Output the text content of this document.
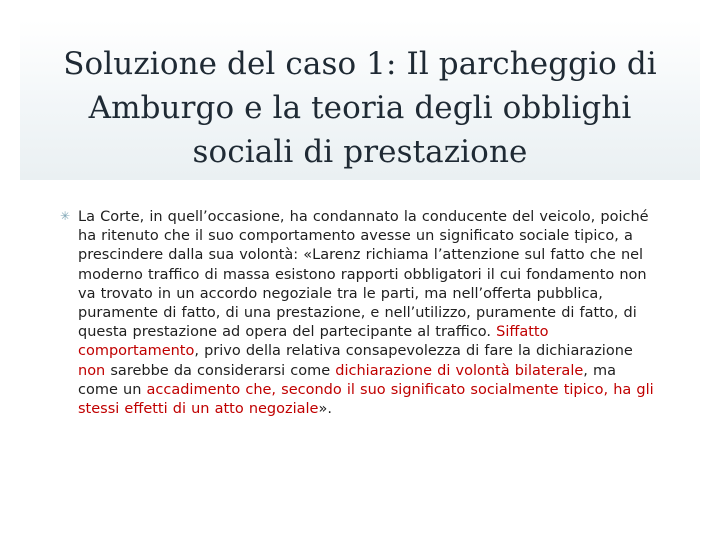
Soluzione del caso 1: Il parcheggio di Amburgo e la teoria degli obblighi sociali di prestazione
✳ La Corte, in quell’occasione, ha condannato la conducente del veicolo, poiché ha ritenuto che il suo comportamento avesse un significato sociale tipico, a prescindere dalla sua volontà: «Larenz richiama l’attenzione sul fatto che nel moderno traffico di massa esistono rapporti obbligatori il cui fondamento non va trovato in un accordo negoziale tra le parti, ma nell’offerta pubblica, puramente di fatto, di una prestazione, e nell’utilizzo, puramente di fatto, di questa prestazione ad opera del partecipante al traffico. Siffatto comportamento, privo della relativa consapevolezza di fare la dichiarazione non sarebbe da considerarsi come dichiarazione di volontà bilaterale, ma come un accadimento che, secondo il suo significato socialmente tipico, ha gli stessi effetti di un atto negoziale».
